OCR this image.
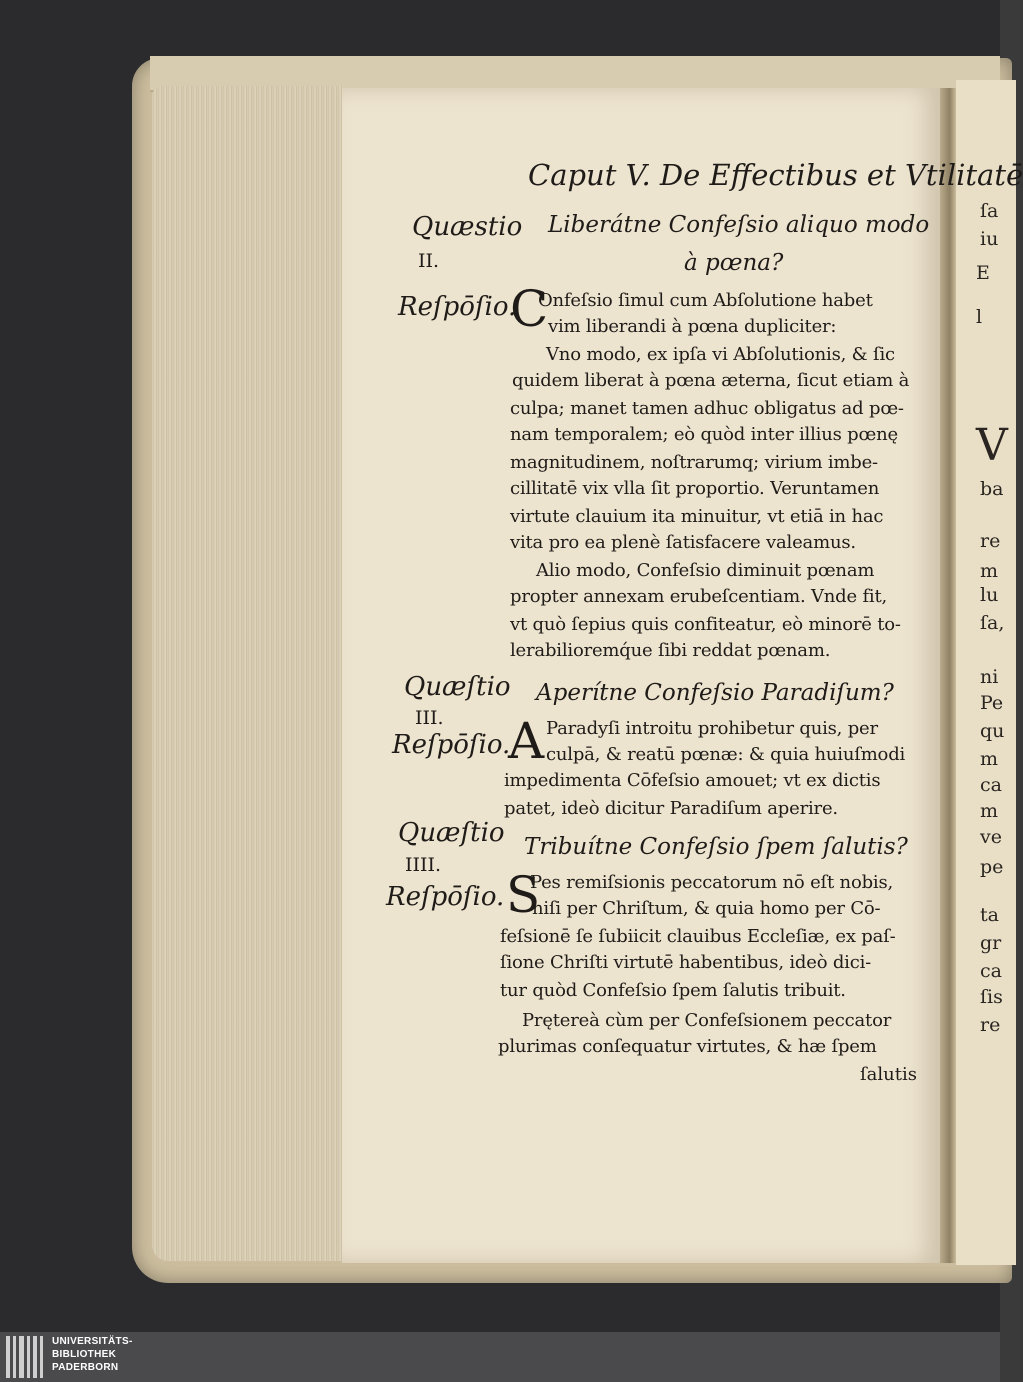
ſa
iu
E
l
V
ba
re
m
lu
ſa,
ni
Pe
qu
m
ca
m
ve
pe
ta
gr
ca
ſis
re
Caput V. De Effectibus et Vtilitatē
Quæstio
II.
Liberátne Confeſsio aliquo modo
à pœna?
Reſpōſio.
C
Onfeſsio ſimul cum Abſolutione habet
vim liberandi à pœna dupliciter:
Vno modo, ex ipſa vi Abſolutionis, & ſic
quidem liberat à pœna æterna, ſicut etiam à
culpa; manet tamen adhuc obligatus ad pœ-
nam temporalem; eò quòd inter illius pœnę
magnitudinem, noſtrarumq; virium imbe-
cillitatē vix vlla ſit proportio. Veruntamen
virtute clauium ita minuitur, vt etiā in hac
vita pro ea plenè ſatisfacere valeamus.
Alio modo, Confeſsio diminuit pœnam
propter annexam erubeſcentiam. Vnde fit,
vt quò ſepius quis confiteatur, eò minorē to-
lerabilioremq́ue ſibi reddat pœnam.
Quæſtio
III.
Aperítne Confeſsio Paradiſum?
Reſpōſio.
A Paradyſi introitu prohibetur quis, per
culpā, & reatū pœnæ: & quia huiuſmodi
impedimenta Cōfeſsio amouet; vt ex dictis
patet, ideò dicitur Paradiſum aperire.
Quæſtio
IIII.
Tribuítne Confeſsio ſpem ſalutis?
Reſpōſio. S
Pes remiſsionis peccatorum nō eſt nobis,
niſi per Chriſtum, & quia homo per Cō-
feſsionē ſe ſubiicit clauibus Eccleſiæ, ex paſ-
ſione Chriſti virtutē habentibus, ideò dici-
tur quòd Confeſsio ſpem ſalutis tribuit.
Prętereà cùm per Confeſsionem peccator
plurimas conſequatur virtutes, & hæ ſpem
ſalutis
UNIVERSITÄTS-
BIBLIOTHEK
PADERBORN
